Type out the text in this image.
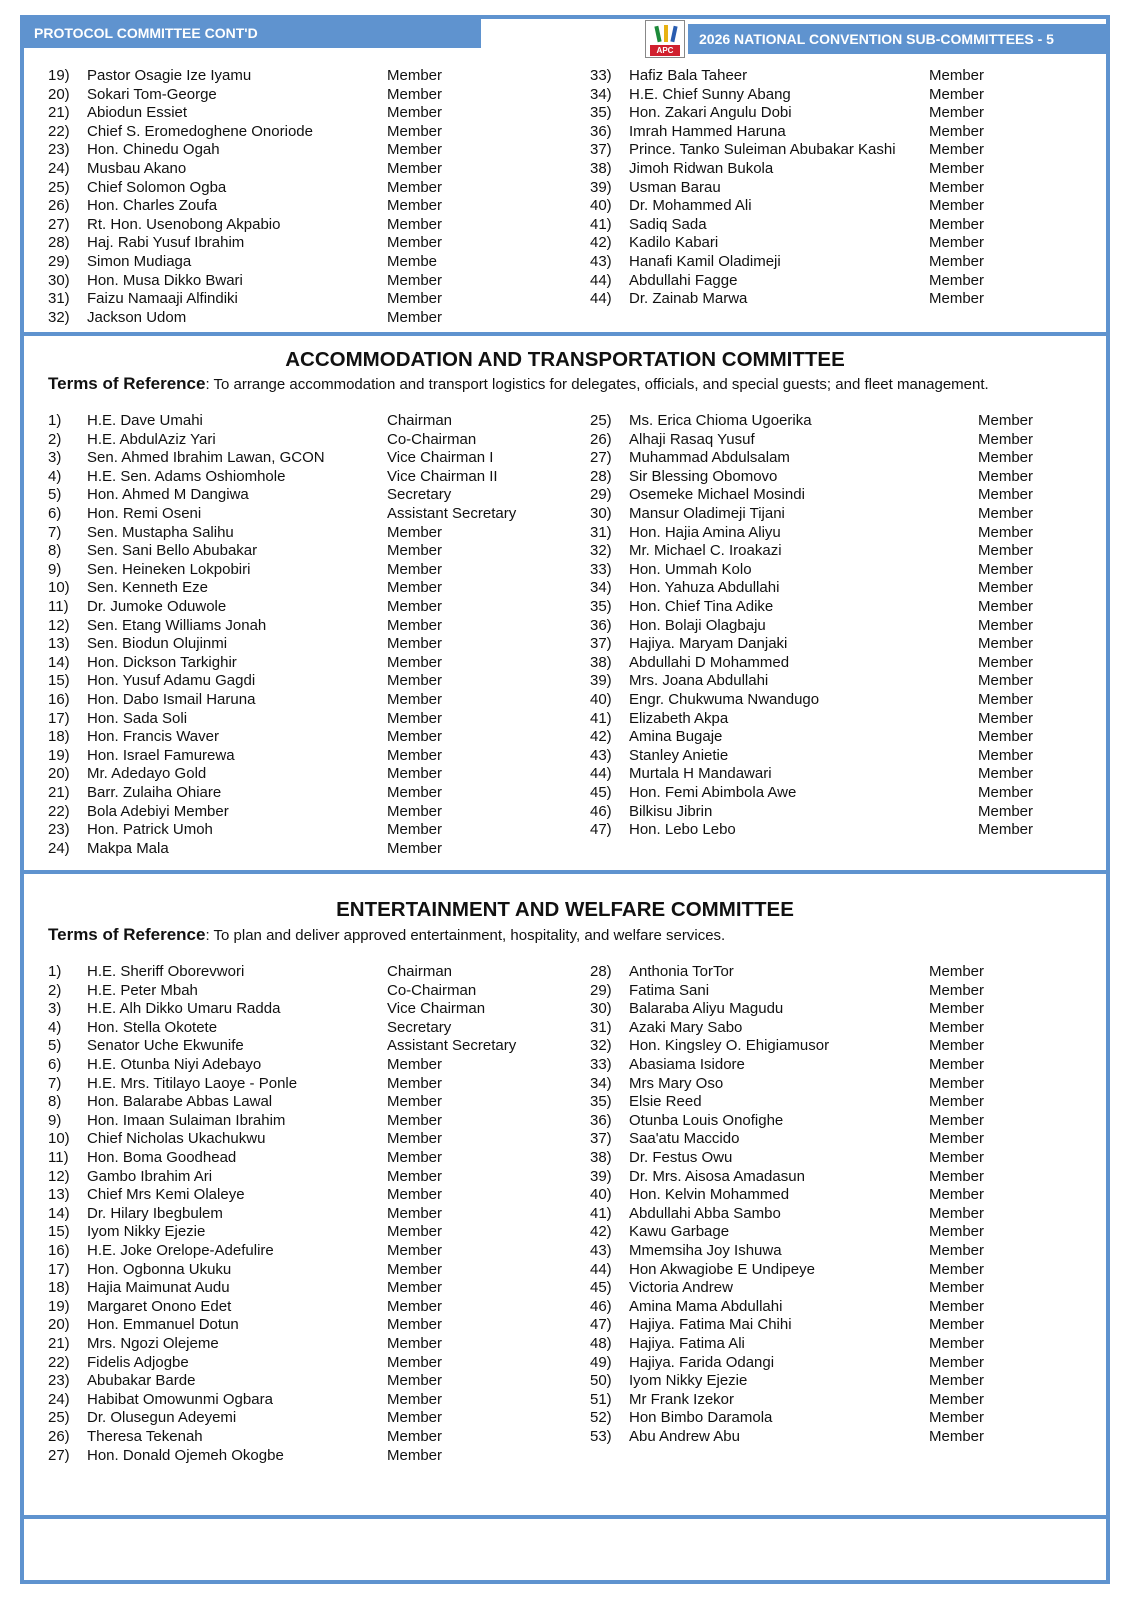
PROTOCOL COMMITTEE CONT'D
APC
2026 NATIONAL CONVENTION SUB-COMMITTEES - 5
ACCOMMODATION AND TRANSPORTATION COMMITTEE
Terms of Reference: To arrange accommodation and transport logistics for delegates, officials, and special guests; and fleet management.
ENTERTAINMENT AND WELFARE COMMITTEE
Terms of Reference: To plan and deliver approved entertainment, hospitality, and welfare services.
19) Pastor Osagie Ize Iyamu	Member
20) Sokari Tom-George	Member
21) Abiodun Essiet	Member
22) Chief S. Eromedoghene Onoriode	Member
23) Hon. Chinedu Ogah	Member
24) Musbau Akano	Member
25) Chief Solomon Ogba	Member
26) Hon. Charles Zoufa	Member
27) Rt. Hon. Usenobong Akpabio	Member
28) Haj. Rabi Yusuf Ibrahim	Member
29) Simon Mudiaga	Membe
30) Hon. Musa Dikko Bwari	Member
31) Faizu Namaaji Alfindiki	Member
32) Jackson Udom	Member
33) Hafiz Bala Taheer	Member
34) H.E. Chief Sunny Abang	Member
35) Hon. Zakari Angulu Dobi	Member
36) Imrah Hammed Haruna	Member
37) Prince. Tanko Suleiman Abubakar Kashi Member
38) Jimoh Ridwan Bukola	Member
39) Usman Barau	Member
40) Dr. Mohammed Ali	Member
41) Sadiq Sada	Member
42) Kadilo Kabari	Member
43) Hanafi Kamil Oladimeji	Member
44) Abdullahi Fagge	Member
44) Dr. Zainab Marwa	Member
1) H.E. Dave Umahi	Chairman
2) H.E. AbdulAziz Yari	Co-Chairman
3) Sen. Ahmed Ibrahim Lawan, GCON	Vice Chairman I
4) H.E. Sen. Adams Oshiomhole	Vice Chairman II
5) Hon. Ahmed M Dangiwa	Secretary
6) Hon. Remi Oseni	Assistant Secretary
7) Sen. Mustapha Salihu	Member
8) Sen. Sani Bello Abubakar	Member
9) Sen. Heineken Lokpobiri	Member
10) Sen. Kenneth Eze	Member
11) Dr. Jumoke Oduwole	Member
12) Sen. Etang Williams Jonah	Member
13) Sen. Biodun Olujinmi	Member
14) Hon. Dickson Tarkighir	Member
15) Hon. Yusuf Adamu Gagdi	Member
16) Hon. Dabo Ismail Haruna	Member
17) Hon. Sada Soli	Member
18) Hon. Francis Waver	Member
19) Hon. Israel Famurewa	Member
20) Mr. Adedayo Gold	Member
21) Barr. Zulaiha Ohiare	Member
22) Bola Adebiyi Member	Member
23) Hon. Patrick Umoh	Member
24) Makpa Mala	Member
25) Ms. Erica Chioma Ugoerika	Member
26) Alhaji Rasaq Yusuf	Member
27) Muhammad Abdulsalam	Member
28) Sir Blessing Obomovo	Member
29) Osemeke Michael Mosindi	Member
30) Mansur Oladimeji Tijani	Member
31) Hon. Hajia Amina Aliyu	Member
32) Mr. Michael C. Iroakazi	Member
33) Hon. Ummah Kolo	Member
34) Hon. Yahuza Abdullahi	Member
35) Hon. Chief Tina Adike	Member
36) Hon. Bolaji Olagbaju	Member
37) Hajiya. Maryam Danjaki	Member
38) Abdullahi D Mohammed	Member
39) Mrs. Joana Abdullahi	Member
40) Engr. Chukwuma Nwandugo	Member
41) Elizabeth Akpa	Member
42) Amina Bugaje	Member
43) Stanley Anietie	Member
44) Murtala H Mandawari	Member
45) Hon. Femi Abimbola Awe	Member
46) Bilkisu Jibrin	Member
47) Hon. Lebo Lebo	Member
1) H.E. Sheriff Oborevwori	Chairman
2) H.E. Peter Mbah	Co-Chairman
3) H.E. Alh Dikko Umaru Radda	Vice Chairman
4) Hon. Stella Okotete	Secretary
5) Senator Uche Ekwunife	Assistant Secretary
6) H.E. Otunba Niyi Adebayo	Member
7) H.E. Mrs. Titilayo Laoye - Ponle	Member
8) Hon. Balarabe Abbas Lawal	Member
9) Hon. Imaan Sulaiman Ibrahim	Member
10) Chief Nicholas Ukachukwu	Member
11) Hon. Boma Goodhead	Member
12) Gambo Ibrahim Ari	Member
13) Chief Mrs Kemi Olaleye	Member
14) Dr. Hilary Ibegbulem	Member
15) Iyom Nikky Ejezie	Member
16) H.E. Joke Orelope-Adefulire	Member
17) Hon. Ogbonna Ukuku	Member
18) Hajia Maimunat Audu	Member
19) Margaret Onono Edet	Member
20) Hon. Emmanuel Dotun	Member
21) Mrs. Ngozi Olejeme	Member
22) Fidelis Adjogbe	Member
23) Abubakar Barde	Member
24) Habibat Omowunmi Ogbara	Member
25) Dr. Olusegun Adeyemi	Member
26) Theresa Tekenah	Member
27) Hon. Donald Ojemeh Okogbe	Member
28) Anthonia TorTor	Member
29) Fatima Sani	Member
30) Balaraba Aliyu Magudu	Member
31) Azaki Mary Sabo	Member
32) Hon. Kingsley O. Ehigiamusor	Member
33) Abasiama Isidore	Member
34) Mrs Mary Oso	Member
35) Elsie Reed	Member
36) Otunba Louis Onofighe	Member
37) Saa'atu Maccido	Member
38) Dr. Festus Owu	Member
39) Dr. Mrs. Aisosa Amadasun	Member
40) Hon. Kelvin Mohammed	Member
41) Abdullahi Abba Sambo	Member
42) Kawu Garbage	Member
43) Mmemsiha Joy Ishuwa	Member
44) Hon Akwagiobe E Undipeye	Member
45) Victoria Andrew	Member
46) Amina Mama Abdullahi	Member
47) Hajiya. Fatima Mai Chihi	Member
48) Hajiya. Fatima Ali	Member
49) Hajiya. Farida Odangi	Member
50) Iyom Nikky Ejezie	Member
51) Mr Frank Izekor	Member
52) Hon Bimbo Daramola	Member
53) Abu Andrew Abu	Member
